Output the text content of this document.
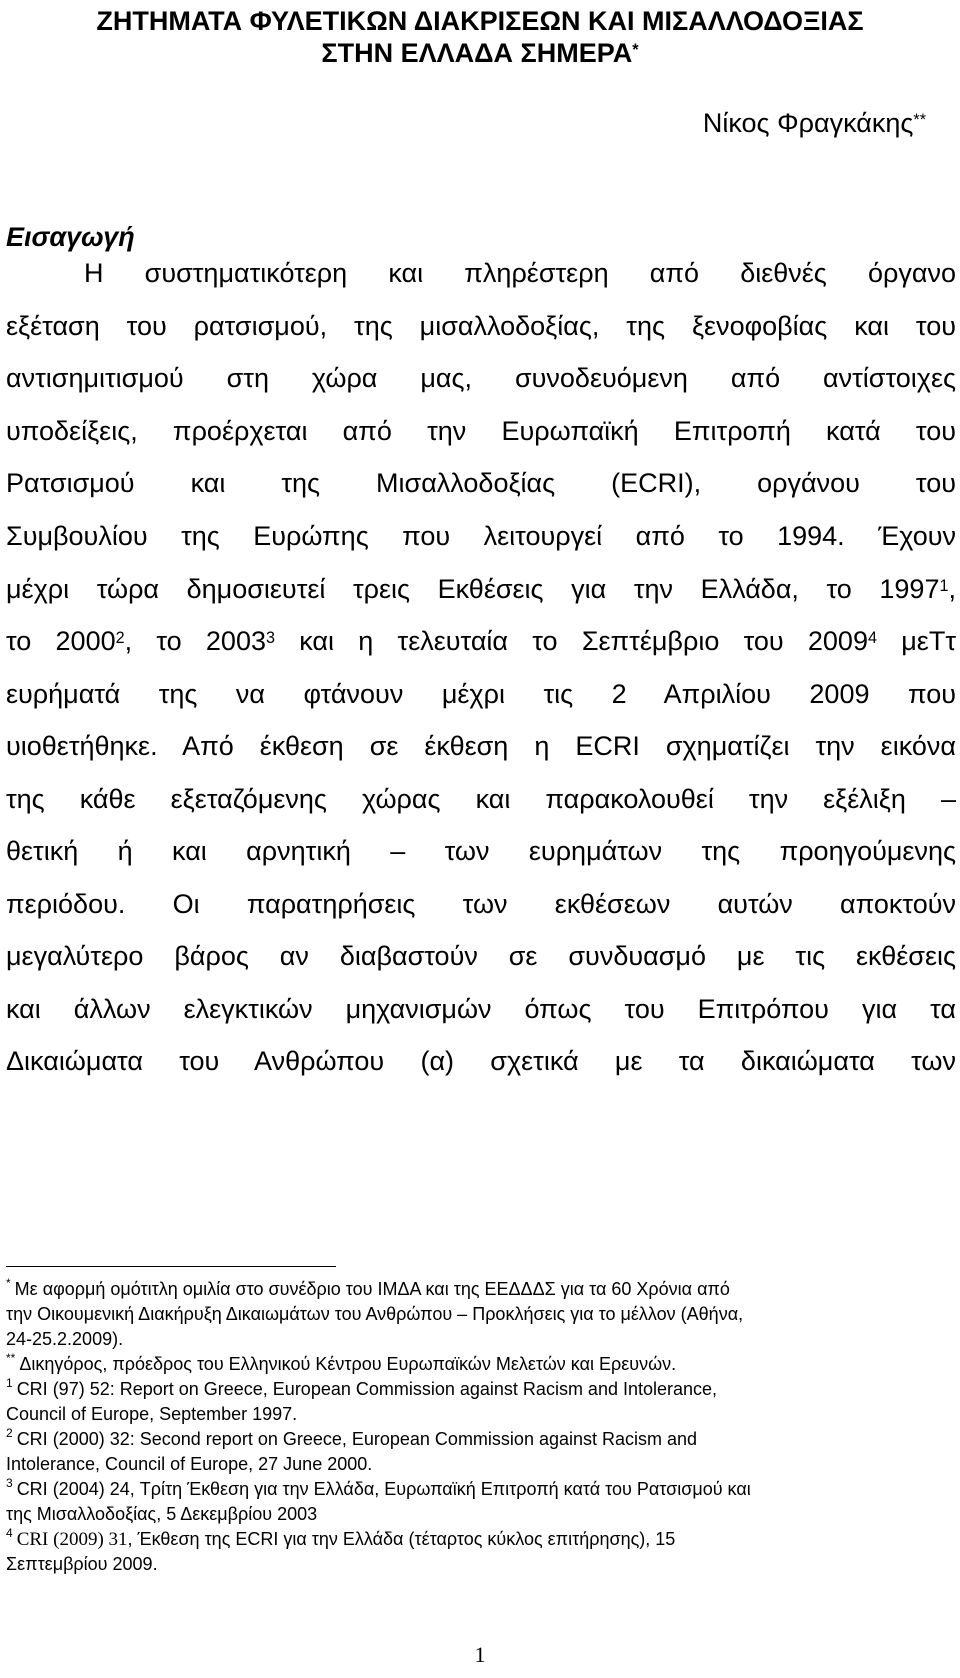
ΖΗΤΗΜΑΤΑ ΦΥΛΕΤΙΚΩΝ ΔΙΑΚΡΙΣΕΩΝ ΚΑΙ ΜΙΣΑΛΛΟΔΟΞΙΑΣ
ΣΤΗΝ ΕΛΛΑΔΑ ΣΗΜΕΡΑ*
Νίκος Φραγκάκης**
Εισαγωγή
Η συστηματικότερη και πληρέστερη από διεθνές όργανο
εξέταση του ρατσισμού, της μισαλλοδοξίας, της ξενοφοβίας και του
αντισημιτισμού στη χώρα μας, συνοδευόμενη από αντίστοιχες
υποδείξεις, προέρχεται από την Ευρωπαϊκή Επιτροπή κατά του
Ρατσισμού και της Μισαλλοδοξίας (ECRI), οργάνου του
Συμβουλίου της Ευρώπης που λειτουργεί από το 1994. Έχουν
μέχρι τώρα δημοσιευτεί τρεις Εκθέσεις για την Ελλάδα, το 1997$^1$,
το 2000$^2$, το 2003$^3$ και η τελευταία το Σεπτέμβριο του 2009$^4$ μεΤτ
ευρήματά της να φτάνουν μέχρι τις 2 Απριλίου 2009 που
υιοθετήθηκε. Από έκθεση σε έκθεση η ECRI σχηματίζει την εικόνα
της κάθε εξεταζόμενης χώρας και παρακολουθεί την εξέλιξη –
θετική ή και αρνητική – των ευρημάτων της προηγούμενης
περιόδου. Οι παρατηρήσεις των εκθέσεων αυτών αποκτούν
μεγαλύτερο βάρος αν διαβαστούν σε συνδυασμό με τις εκθέσεις
και άλλων ελεγκτικών μηχανισμών όπως του Επιτρόπου για τα
Δικαιώματα του Ανθρώπου (α) σχετικά με τα δικαιώματα των
* Με αφορμή ομότιτλη ομιλία στο συνέδριο του ΙΜΔΑ και της ΕΕΔΔΔΣ για τα 60 Χρόνια από
την Οικουμενική Διακήρυξη Δικαιωμάτων του Ανθρώπου – Προκλήσεις για το μέλλον (Αθήνα,
24-25.2.2009).
** Δικηγόρος, πρόεδρος του Ελληνικού Κέντρου Ευρωπαϊκών Μελετών και Ερευνών.
$^1$ CRI (97) 52: Report on Greece, European Commission against Racism and Intolerance,
Council of Europe, September 1997.
$^2$ CRI (2000) 32: Second report on Greece, European Commission against Racism and
Intolerance, Council of Europe, 27 June 2000.
$^3$ CRI (2004) 24, Τρίτη Έκθεση για την Ελλάδα, Ευρωπαϊκή Επιτροπή κατά του Ρατσισμού και
της Μισαλλοδοξίας, 5 Δεκεμβρίου 2003
$^4$ CRI (2009) 31, Έκθεση της ECRI για την Ελλάδα (τέταρτος κύκλος επιτήρησης), 15
Σεπτεμβρίου 2009.
1
